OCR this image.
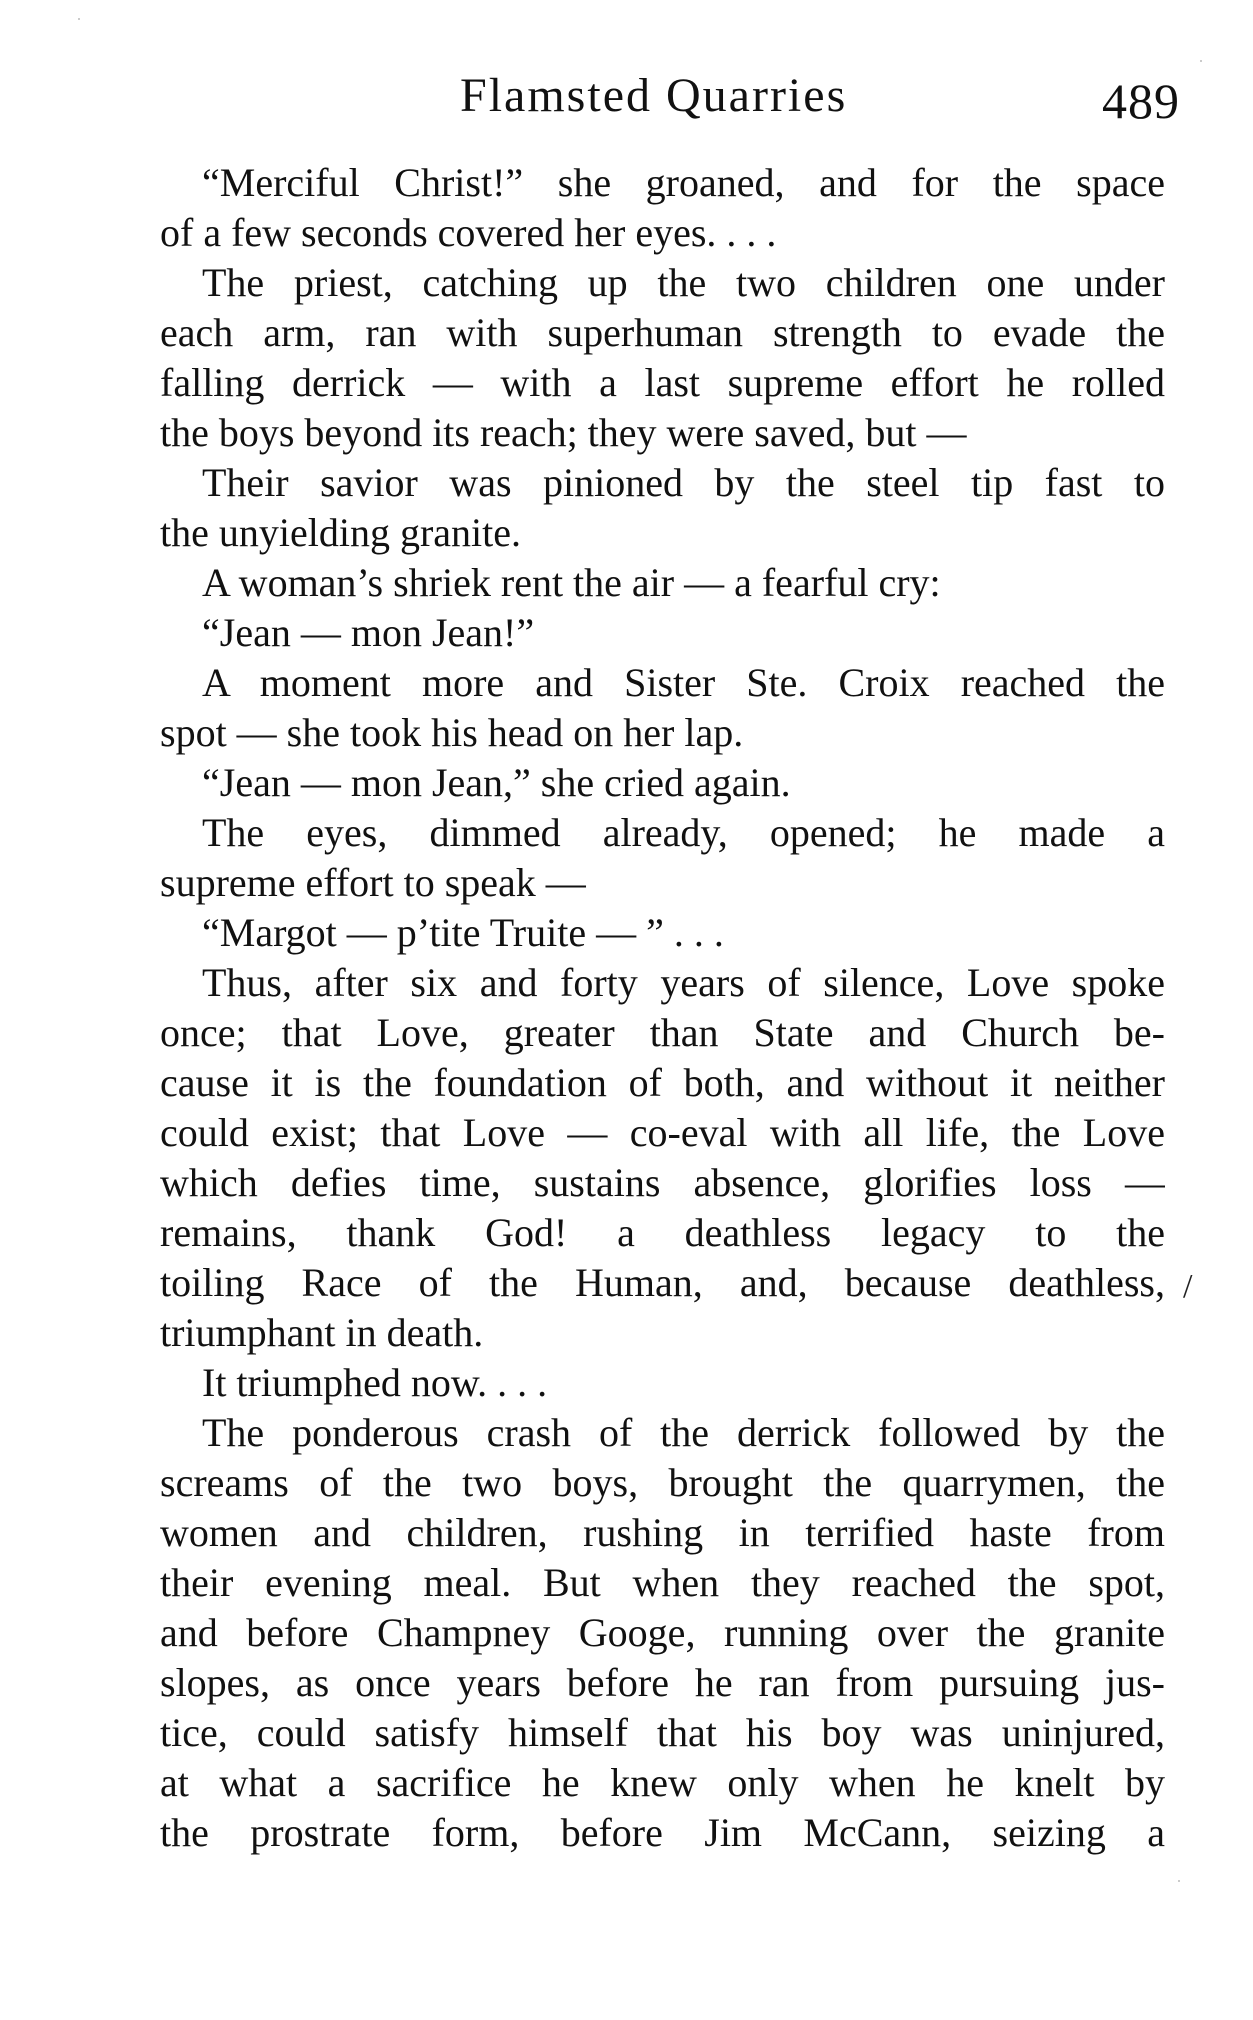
Flamsted Quarries	489
“Merciful Christ!” she groaned, and for the space
of a few seconds covered her eyes. . . .
The priest, catching up the two children one under
each arm, ran with superhuman strength to evade the
falling derrick — with a last supreme effort he rolled
the boys beyond its reach; they were saved, but —
Their savior was pinioned by the steel tip fast to
the unyielding granite.
A woman’s shriek rent the air — a fearful cry:
“Jean — mon Jean!”
A moment more and Sister Ste. Croix reached the
spot — she took his head on her lap.
“Jean — mon Jean,” she cried again.
The eyes, dimmed already, opened; he made a
supreme effort to speak —
“Margot — p’tite Truite — ” . . .
Thus, after six and forty years of silence, Love spoke
once; that Love, greater than State and Church be-
cause it is the foundation of both, and without it neither
could exist; that Love — co-eval with all life, the Love
which defies time, sustains absence, glorifies loss —
remains, thank God! a deathless legacy to the
toiling Race of the Human, and, because deathless,
triumphant in death.
It triumphed now. . . .
The ponderous crash of the derrick followed by the
screams of the two boys, brought the quarrymen, the
women and children, rushing in terrified haste from
their evening meal. But when they reached the spot,
and before Champney Googe, running over the granite
slopes, as once years before he ran from pursuing jus-
tice, could satisfy himself that his boy was uninjured,
at what a sacrifice he knew only when he knelt by
the prostrate form, before Jim McCann, seizing a
/
